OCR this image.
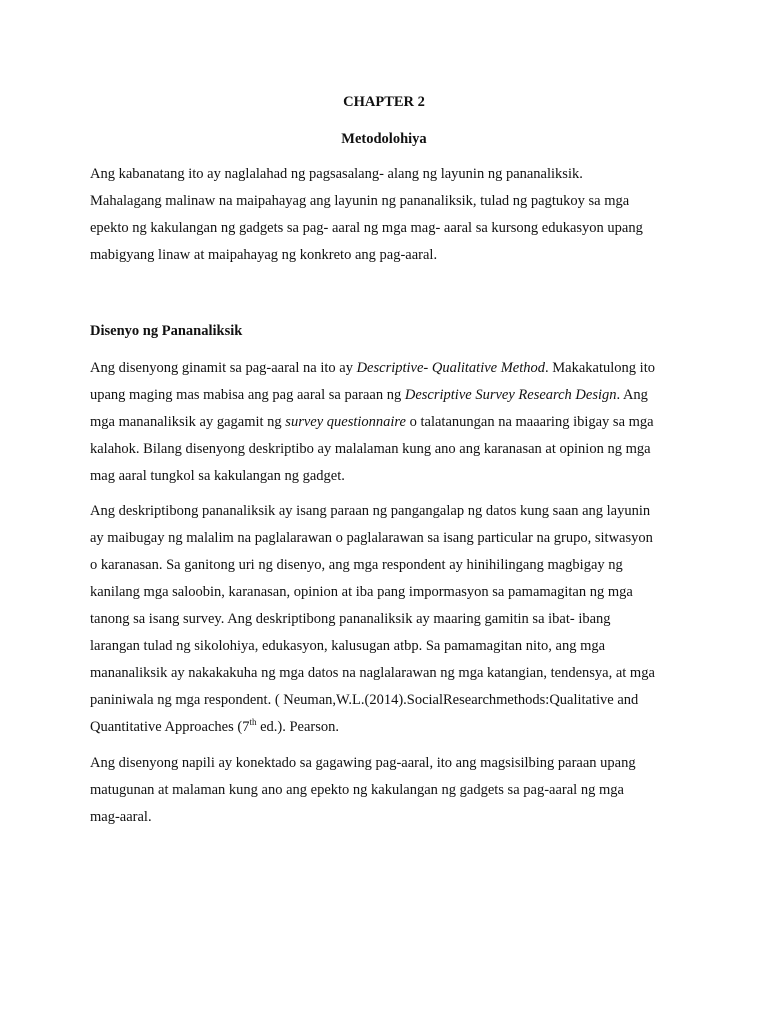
CHAPTER 2
Metodolohiya

Ang kabanatang ito ay naglalahad ng pagsasalang- alang ng layunin ng pananaliksik.
Mahalagang malinaw na maipahayag ang layunin ng pananaliksik, tulad ng pagtukoy sa mga
epekto ng kakulangan ng gadgets sa pag- aaral ng mga mag- aaral sa kursong edukasyon upang
mabigyang linaw at maipahayag ng konkreto ang pag-aaral.

Disenyo ng Pananaliksik

Ang disenyong ginamit sa pag-aaral na ito ay Descriptive- Qualitative Method. Makakatulong ito
upang maging mas mabisa ang pag aaral sa paraan ng Descriptive Survey Research Design. Ang
mga mananaliksik ay gagamit ng survey questionnaire o talatanungan na maaaring ibigay sa mga
kalahok. Bilang disenyong deskriptibo ay malalaman kung ano ang karanasan at opinion ng mga
mag aaral tungkol sa kakulangan ng gadget.

Ang deskriptibong pananaliksik ay isang paraan ng pangangalap ng datos kung saan ang layunin
ay maibugay ng malalim na paglalarawan o paglalarawan sa isang particular na grupo, sitwasyon
o karanasan. Sa ganitong uri ng disenyo, ang mga respondent ay hinihilingang magbigay ng
kanilang mga saloobin, karanasan, opinion at iba pang impormasyon sa pamamagitan ng mga
tanong sa isang survey. Ang deskriptibong pananaliksik ay maaring gamitin sa ibat- ibang
larangan tulad ng sikolohiya, edukasyon, kalusugan atbp. Sa pamamagitan nito, ang mga
mananaliksik ay nakakakuha ng mga datos na naglalarawan ng mga katangian, tendensya, at mga
paniniwala ng mga respondent. ( Neuman,W.L.(2014).SocialResearchmethods:Qualitative and
Quantitative Approaches (7th ed.). Pearson.

Ang disenyong napili ay konektado sa gagawing pag-aaral, ito ang magsisilbing paraan upang
matugunan at malaman kung ano ang epekto ng kakulangan ng gadgets sa pag-aaral ng mga
mag-aaral.
